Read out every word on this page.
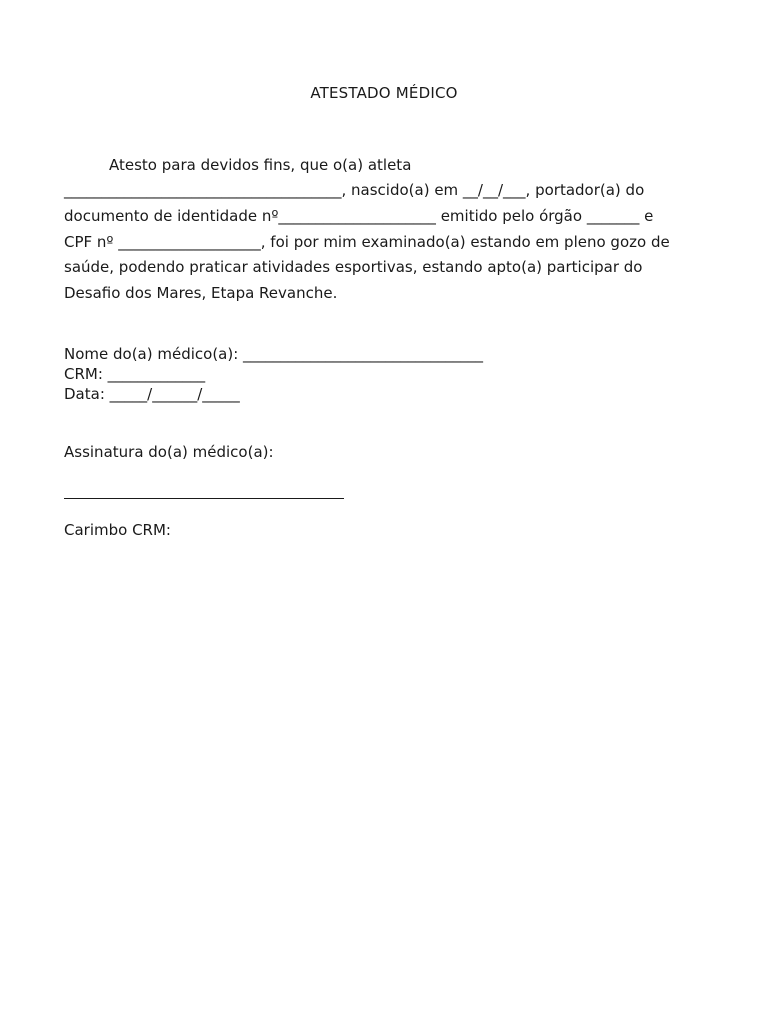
ATESTADO MÉDICO
Atesto para devidos fins, que o(a) atleta
_____________________________________, nascido(a) em __/__/___, portador(a) do
documento de identidade nº_____________________ emitido pelo órgão _______ e
CPF nº ___________________, foi por mim examinado(a) estando em pleno gozo de
saúde, podendo praticar atividades esportivas, estando apto(a) participar do
Desafio dos Mares, Etapa Revanche.
Nome do(a) médico(a): ________________________________
CRM: _____________
Data: _____/______/_____
Assinatura do(a) médico(a):
Carimbo CRM:
